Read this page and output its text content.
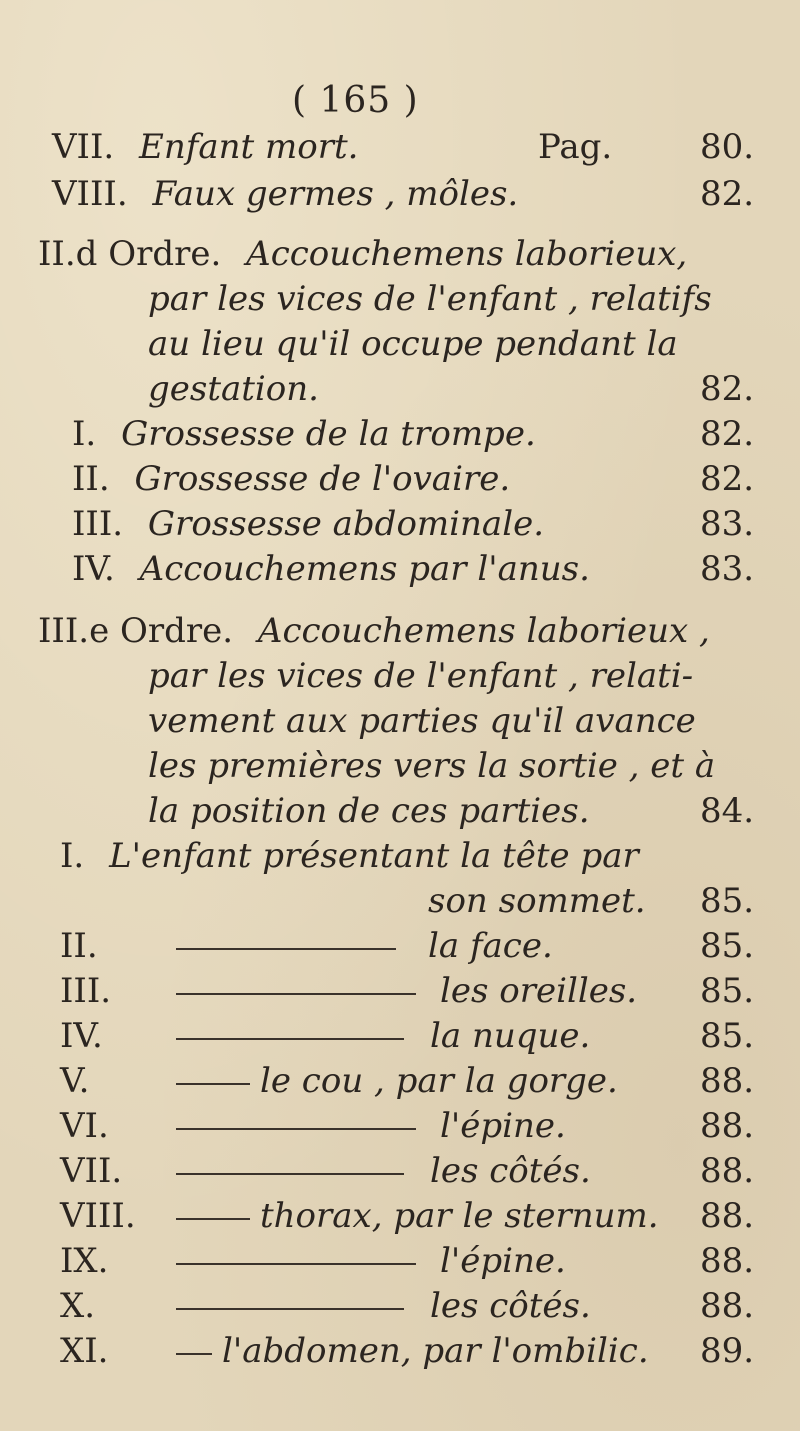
( 165 )
VII. Enfant mort.	Pag.	80.
VIII. Faux germes , môles.	82.
II.d Ordre. Accouchemens laborieux,
par les vices de l'enfant , relatifs
au lieu qu'il occupe pendant la
gestation.	82.
I. Grossesse de la trompe.	82.
II. Grossesse de l'ovaire.	82.
III. Grossesse abdominale.	83.
IV. Accouchemens par l'anus.	83.
III.e Ordre. Accouchemens laborieux ,
par les vices de l'enfant , relati-
vement aux parties qu'il avance
les premières vers la sortie , et à
la position de ces parties.	84.
I. L'enfant présentant la tête par
son sommet. 85.
II.	la face.	85.
III.	les oreilles. 85.
IV.	la nuque.	85.
V.	le cou , par la gorge. 88.
VI.	l'épine.	88.
VII.	les côtés.	88.
VIII.	thorax, par le sternum. 88.
IX.	l'épine.	88.
X.	les côtés.	88.
XI.	l'abdomen, par l'ombilic. 89.
